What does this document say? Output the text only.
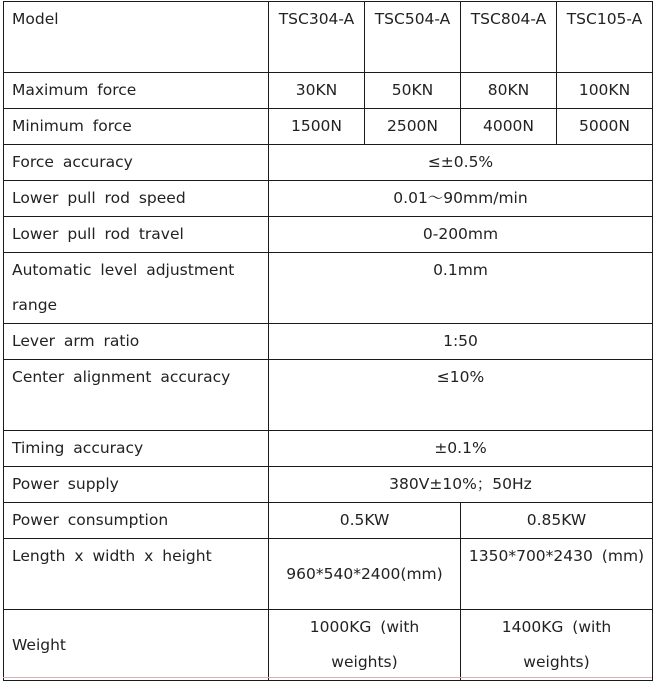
Model	TSC304-A	TSC504-A	TSC804-A	TSC105-A
Maximum force	30KN	50KN	80KN	100KN
Minimum force	1500N	2500N	4000N	5000N
Force accuracy	≤±0.5%			
Lower pull rod speed	0.01～90mm/min			
Lower pull rod travel	0-200mm			
Automatic level adjustment range	0.1mm			
Lever arm ratio	1:50			
Center alignment accuracy	≤10%			
Timing accuracy	±0.1%			
Power supply	380V±10%；50Hz			
Power consumption	0.5KW		0.85KW	
Length x width x height	960*540*2400(mm)		1350*700*2430 (mm)	
Weight	1000KG (with weights)		1400KG (with weights)	
